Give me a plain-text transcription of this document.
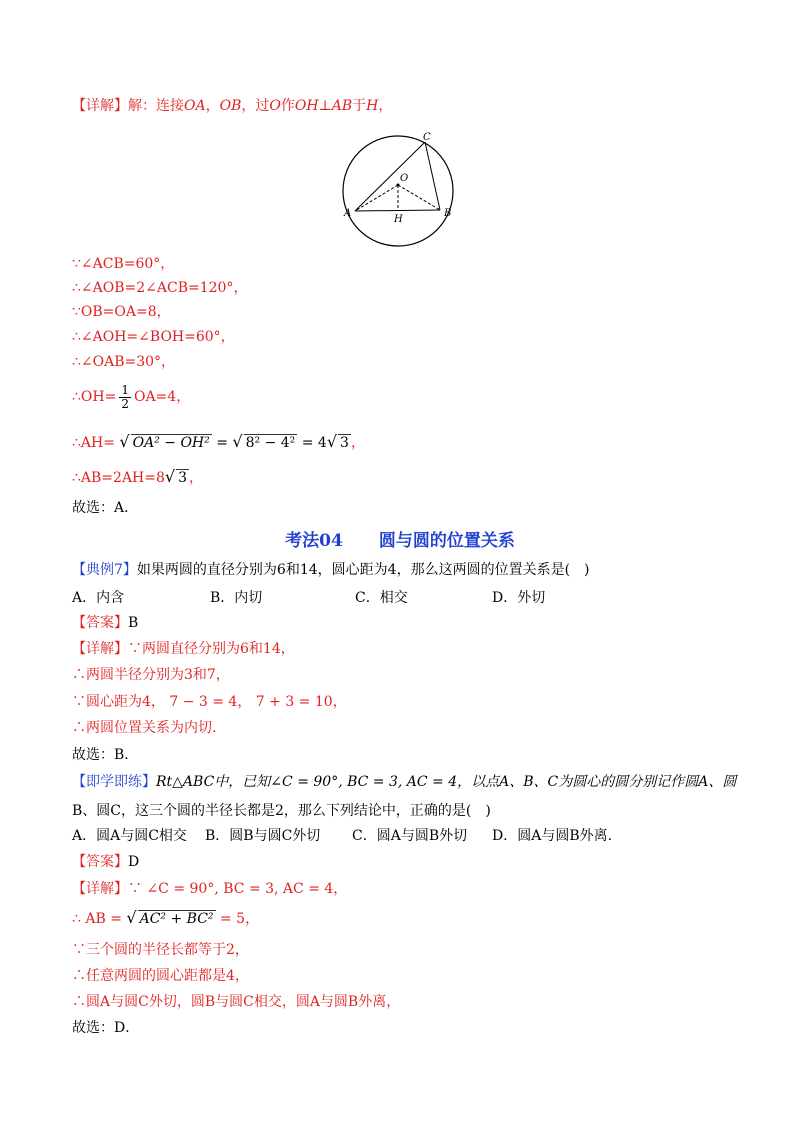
【详解】解：连接OA，OB，过O作OH⊥AB于H，
C
O
A	B
H
∵∠ACB=60°，
∴∠AOB=2∠ACB=120°，
∵OB=OA=8，
∴∠AOH=∠BOH=60°，
∴∠OAB=30°，
∴OH= $\frac{1}{2} OA=4$，
∴AH= √ OA² − OH² = √ 8² − 4² = 4√ 3 ，
∴AB=2AH=8√ 3 ，
故选：A．
考法04 圆与圆的位置关系
【典例7】如果两圆的直径分别为6和14，圆心距为4，那么这两圆的位置关系是(　)
A．内含	B．内切	C．相交	D．外切
【答案】B
【详解】∵两圆直径分别为6和14，
∴两圆半径分别为3和7，
∵圆心距为4， 7 − 3 = 4， 7 + 3 = 10，
∴两圆位置关系为内切.
故选：B．
【即学即练】Rt△ABC中，已知∠C = 90°, BC = 3, AC = 4，以点A、B、C为圆心的圆分别记作圆A、圆
B、圆C，这三个圆的半径长都是2，那么下列结论中，正确的是(　)
A．圆A与圆C相交 B．圆B与圆C外切 C．圆A与圆B外切 D．圆A与圆B外离.
【答案】D
【详解】∵ ∠C = 90°, BC = 3, AC = 4，
∴ AB = √ AC² + BC² = 5，
∵三个圆的半径长都等于2，
∴任意两圆的圆心距都是4，
∴圆A与圆C外切，圆B与圆C相交，圆A与圆B外离，
故选：D．
